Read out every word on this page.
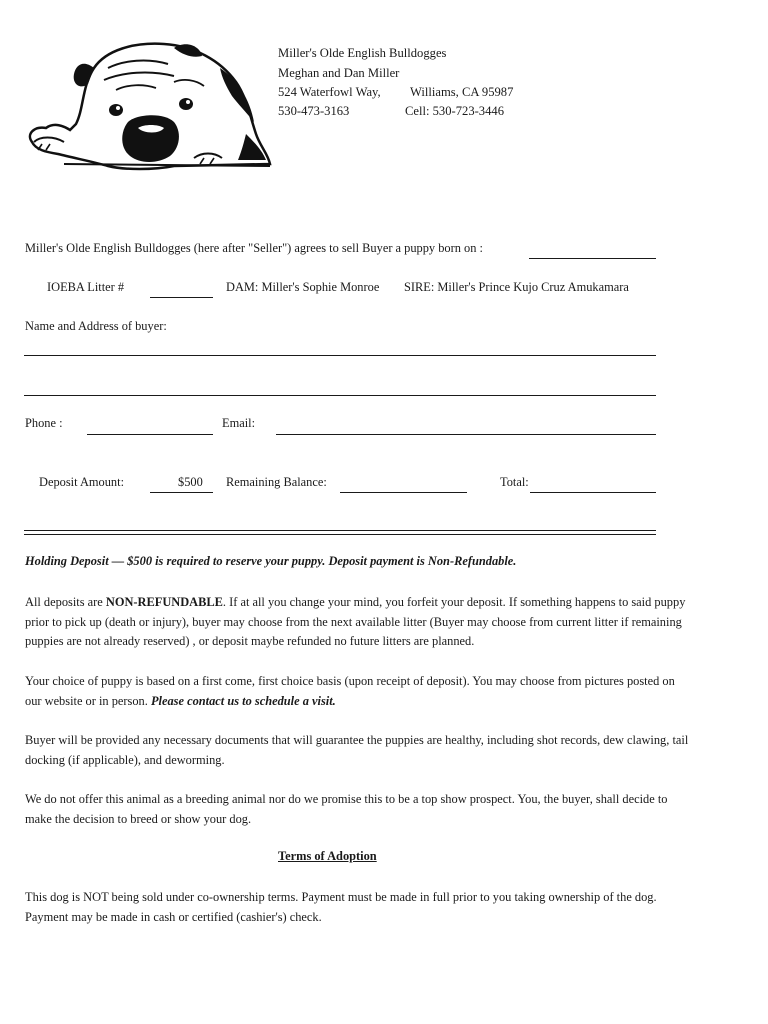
Miller's Olde English Bulldogges
Meghan and Dan Miller
524 Waterfowl Way, Williams, CA 95987
530-473-3163	Cell: 530-723-3446
Miller's Olde English Bulldogges (here after "Seller") agrees to sell Buyer a puppy born on :
IOEBA Litter #	DAM: Miller's Sophie Monroe SIRE: Miller's Prince Kujo Cruz Amukamara
Name and Address of buyer:
Phone :	Email:
Deposit Amount:	$500 Remaining Balance:	Total:
Holding Deposit — $500 is required to reserve your puppy. Deposit payment is Non-Refundable.

All deposits are NON-REFUNDABLE. If at all you change your mind, you forfeit your deposit. If something happens to said puppy prior to pick up (death or injury), buyer may choose from the next available litter (Buyer may choose from current litter if remaining puppies are not already reserved) , or deposit maybe refunded no future litters are planned.

Your choice of puppy is based on a first come, first choice basis (upon receipt of deposit). You may choose from pictures posted on our website or in person. Please contact us to schedule a visit.

Buyer will be provided any necessary documents that will guarantee the puppies are healthy, including shot records, dew clawing, tail docking (if applicable), and deworming.

We do not offer this animal as a breeding animal nor do we promise this to be a top show prospect. You, the buyer, shall decide to make the decision to breed or show your dog.

Terms of Adoption

This dog is NOT being sold under co-ownership terms. Payment must be made in full prior to you taking ownership of the dog. Payment may be made in cash or certified (cashier's) check.
